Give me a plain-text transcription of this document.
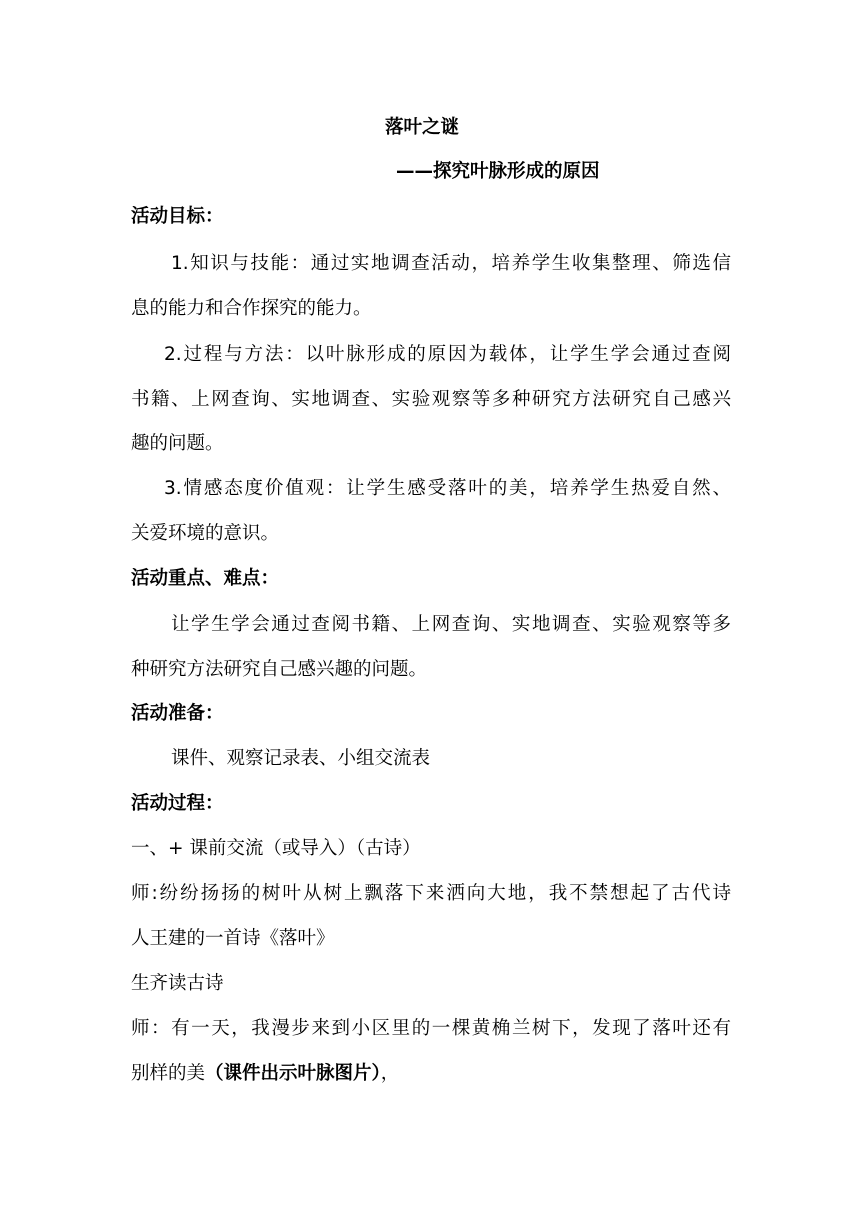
落叶之谜
——探究叶脉形成的原因
活动目标：
1.知识与技能：通过实地调查活动，培养学生收集整理、筛选信
息的能力和合作探究的能力。
2.过程与方法：以叶脉形成的原因为载体，让学生学会通过查阅
书籍、上网查询、实地调查、实验观察等多种研究方法研究自己感兴
趣的问题。
3.情感态度价值观：让学生感受落叶的美，培养学生热爱自然、
关爱环境的意识。
活动重点、难点：
让学生学会通过查阅书籍、上网查询、实地调查、实验观察等多
种研究方法研究自己感兴趣的问题。
活动准备：
课件、观察记录表、小组交流表
活动过程：
一、+ 课前交流（或导入）（古诗）
师:纷纷扬扬的树叶从树上飘落下来洒向大地，我不禁想起了古代诗
人王建的一首诗《落叶》
生齐读古诗
师：有一天，我漫步来到小区里的一棵黄桷兰树下，发现了落叶还有
别样的美（课件出示叶脉图片），
